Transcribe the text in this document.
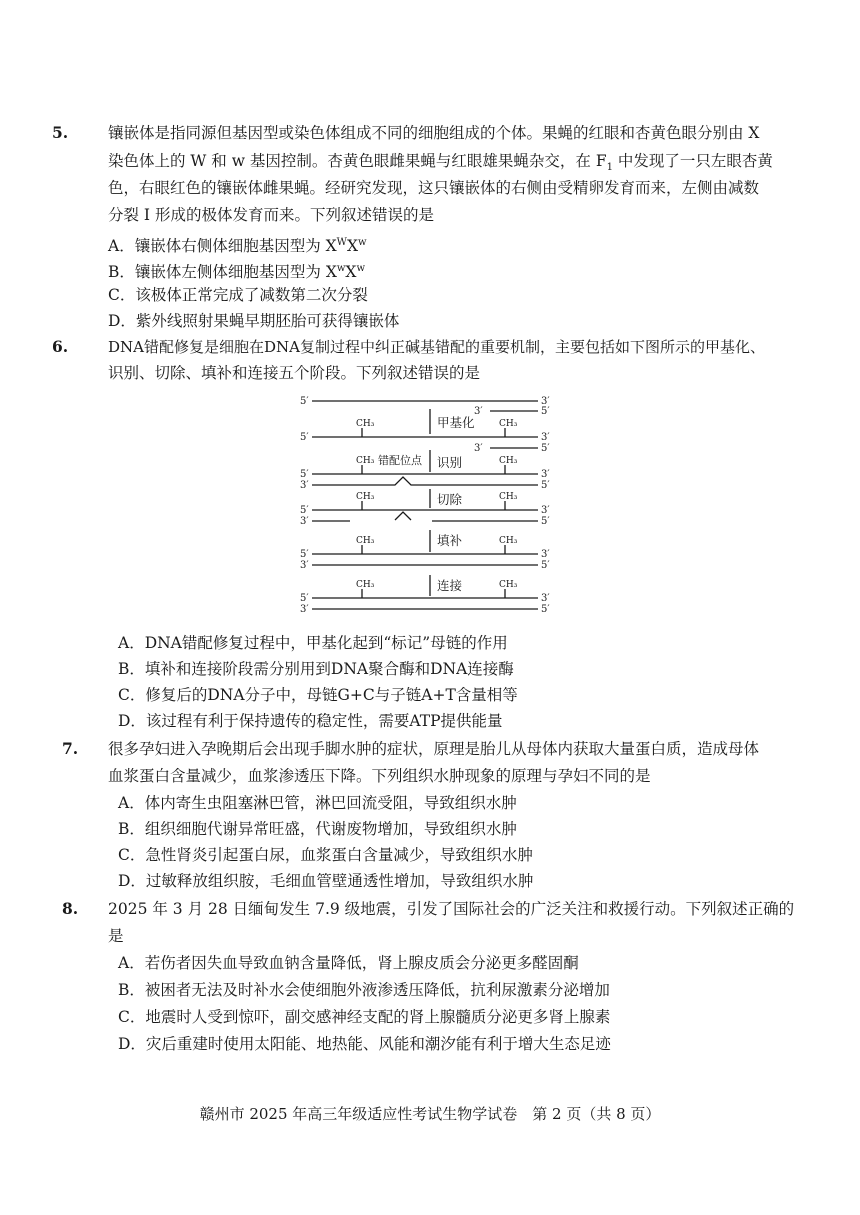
5.	镶嵌体是指同源但基因型或染色体组成不同的细胞组成的个体。果蝇的红眼和杏黄色眼分别由 X
染色体上的 W 和 w 基因控制。杏黄色眼雌果蝇与红眼雄果蝇杂交，在 $F_1$ 中发现了一只左眼杏黄
色，右眼红色的镶嵌体雌果蝇。经研究发现，这只镶嵌体的右侧由受精卵发育而来，左侧由减数
分裂 Ⅰ 形成的极体发育而来。下列叙述错误的是
A．镶嵌体右侧体细胞基因型为 $X^WX^w$
B．镶嵌体左侧体细胞基因型为 $X^wX^w$
C．该极体正常完成了减数第二次分裂
D．紫外线照射果蝇早期胚胎可获得镶嵌体
6.	DNA错配修复是细胞在DNA复制过程中纠正碱基错配的重要机制，主要包括如下图所示的甲基化、
识别、切除、填补和连接五个阶段。下列叙述错误的是
5′	3′
3′	5′
5′	3′
3′	5′
5′
3′
3′
5′
5′
3′
3′
5′
5′
3′
3′
5′
5′
3′
3′
5′
CH₃	CH₃
CH₃	CH₃
CH₃	CH₃
CH₃	CH₃
CH₃	CH₃
错配位点
甲基化
识别
切除
填补
连接
A．DNA错配修复过程中，甲基化起到“标记”母链的作用
B．填补和连接阶段需分别用到DNA聚合酶和DNA连接酶
C．修复后的DNA分子中，母链G+C与子链A+T含量相等
D．该过程有利于保持遗传的稳定性，需要ATP提供能量
7. 很多孕妇进入孕晚期后会出现手脚水肿的症状，原理是胎儿从母体内获取大量蛋白质，造成母体
血浆蛋白含量减少，血浆渗透压下降。下列组织水肿现象的原理与孕妇不同的是
A．体内寄生虫阻塞淋巴管，淋巴回流受阻，导致组织水肿
B．组织细胞代谢异常旺盛，代谢废物增加，导致组织水肿
C．急性肾炎引起蛋白尿，血浆蛋白含量减少，导致组织水肿
D．过敏释放组织胺，毛细血管壁通透性增加，导致组织水肿
8. 2025 年 3 月 28 日缅甸发生 7.9 级地震，引发了国际社会的广泛关注和救援行动。下列叙述正确的
是
A．若伤者因失血导致血钠含量降低，肾上腺皮质会分泌更多醛固酮
B．被困者无法及时补水会使细胞外液渗透压降低，抗利尿激素分泌增加
C．地震时人受到惊吓，副交感神经支配的肾上腺髓质分泌更多肾上腺素
D．灾后重建时使用太阳能、地热能、风能和潮汐能有利于增大生态足迹
赣州市 2025 年高三年级适应性考试生物学试卷　第 2 页（共 8 页）
